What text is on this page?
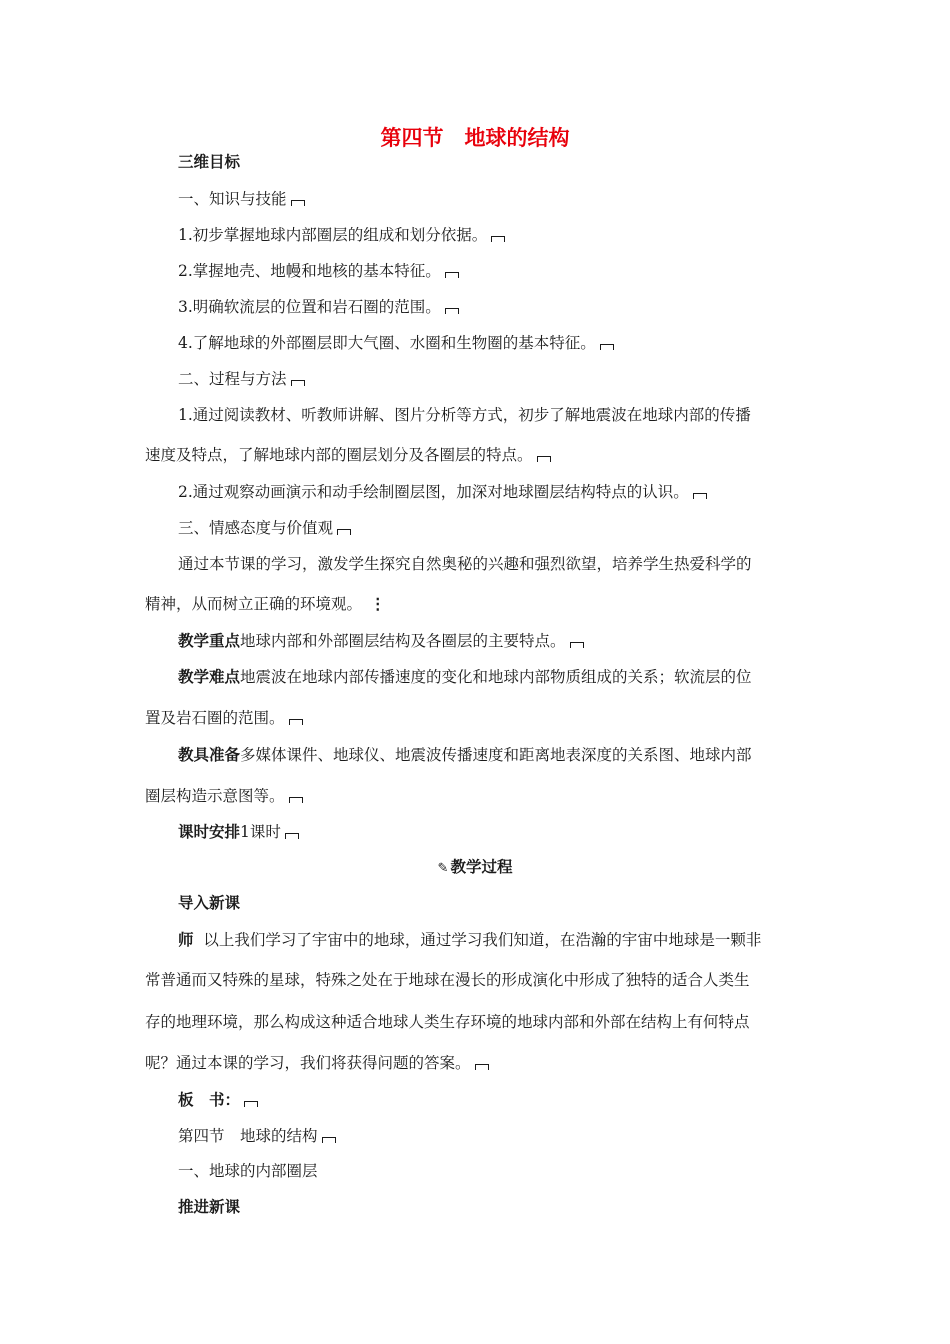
第四节　地球的结构
三维目标
一、知识与技能
1.初步掌握地球内部圈层的组成和划分依据。
2.掌握地壳、地幔和地核的基本特征。
3.明确软流层的位置和岩石圈的范围。
4.了解地球的外部圈层即大气圈、水圈和生物圈的基本特征。
二、过程与方法
1.通过阅读教材、听教师讲解、图片分析等方式，初步了解地震波在地球内部的传播
速度及特点，了解地球内部的圈层划分及各圈层的特点。
2.通过观察动画演示和动手绘制圈层图，加深对地球圈层结构特点的认识。
三、情感态度与价值观
通过本节课的学习，激发学生探究自然奥秘的兴趣和强烈欲望，培养学生热爱科学的
精神，从而树立正确的环境观。 ⋮
教学重点地球内部和外部圈层结构及各圈层的主要特点。
教学难点地震波在地球内部传播速度的变化和地球内部物质组成的关系；软流层的位
置及岩石圈的范围。
教具准备多媒体课件、地球仪、地震波传播速度和距离地表深度的关系图、地球内部
圈层构造示意图等。
课时安排1课时
✎ 教学过程
导入新课
师 以上我们学习了宇宙中的地球，通过学习我们知道，在浩瀚的宇宙中地球是一颗非
常普通而又特殊的星球，特殊之处在于地球在漫长的形成演化中形成了独特的适合人类生
存的地理环境，那么构成这种适合地球人类生存环境的地球内部和外部在结构上有何特点
呢？通过本课的学习，我们将获得问题的答案。
板　书：
第四节　地球的结构
一、地球的内部圈层
推进新课
